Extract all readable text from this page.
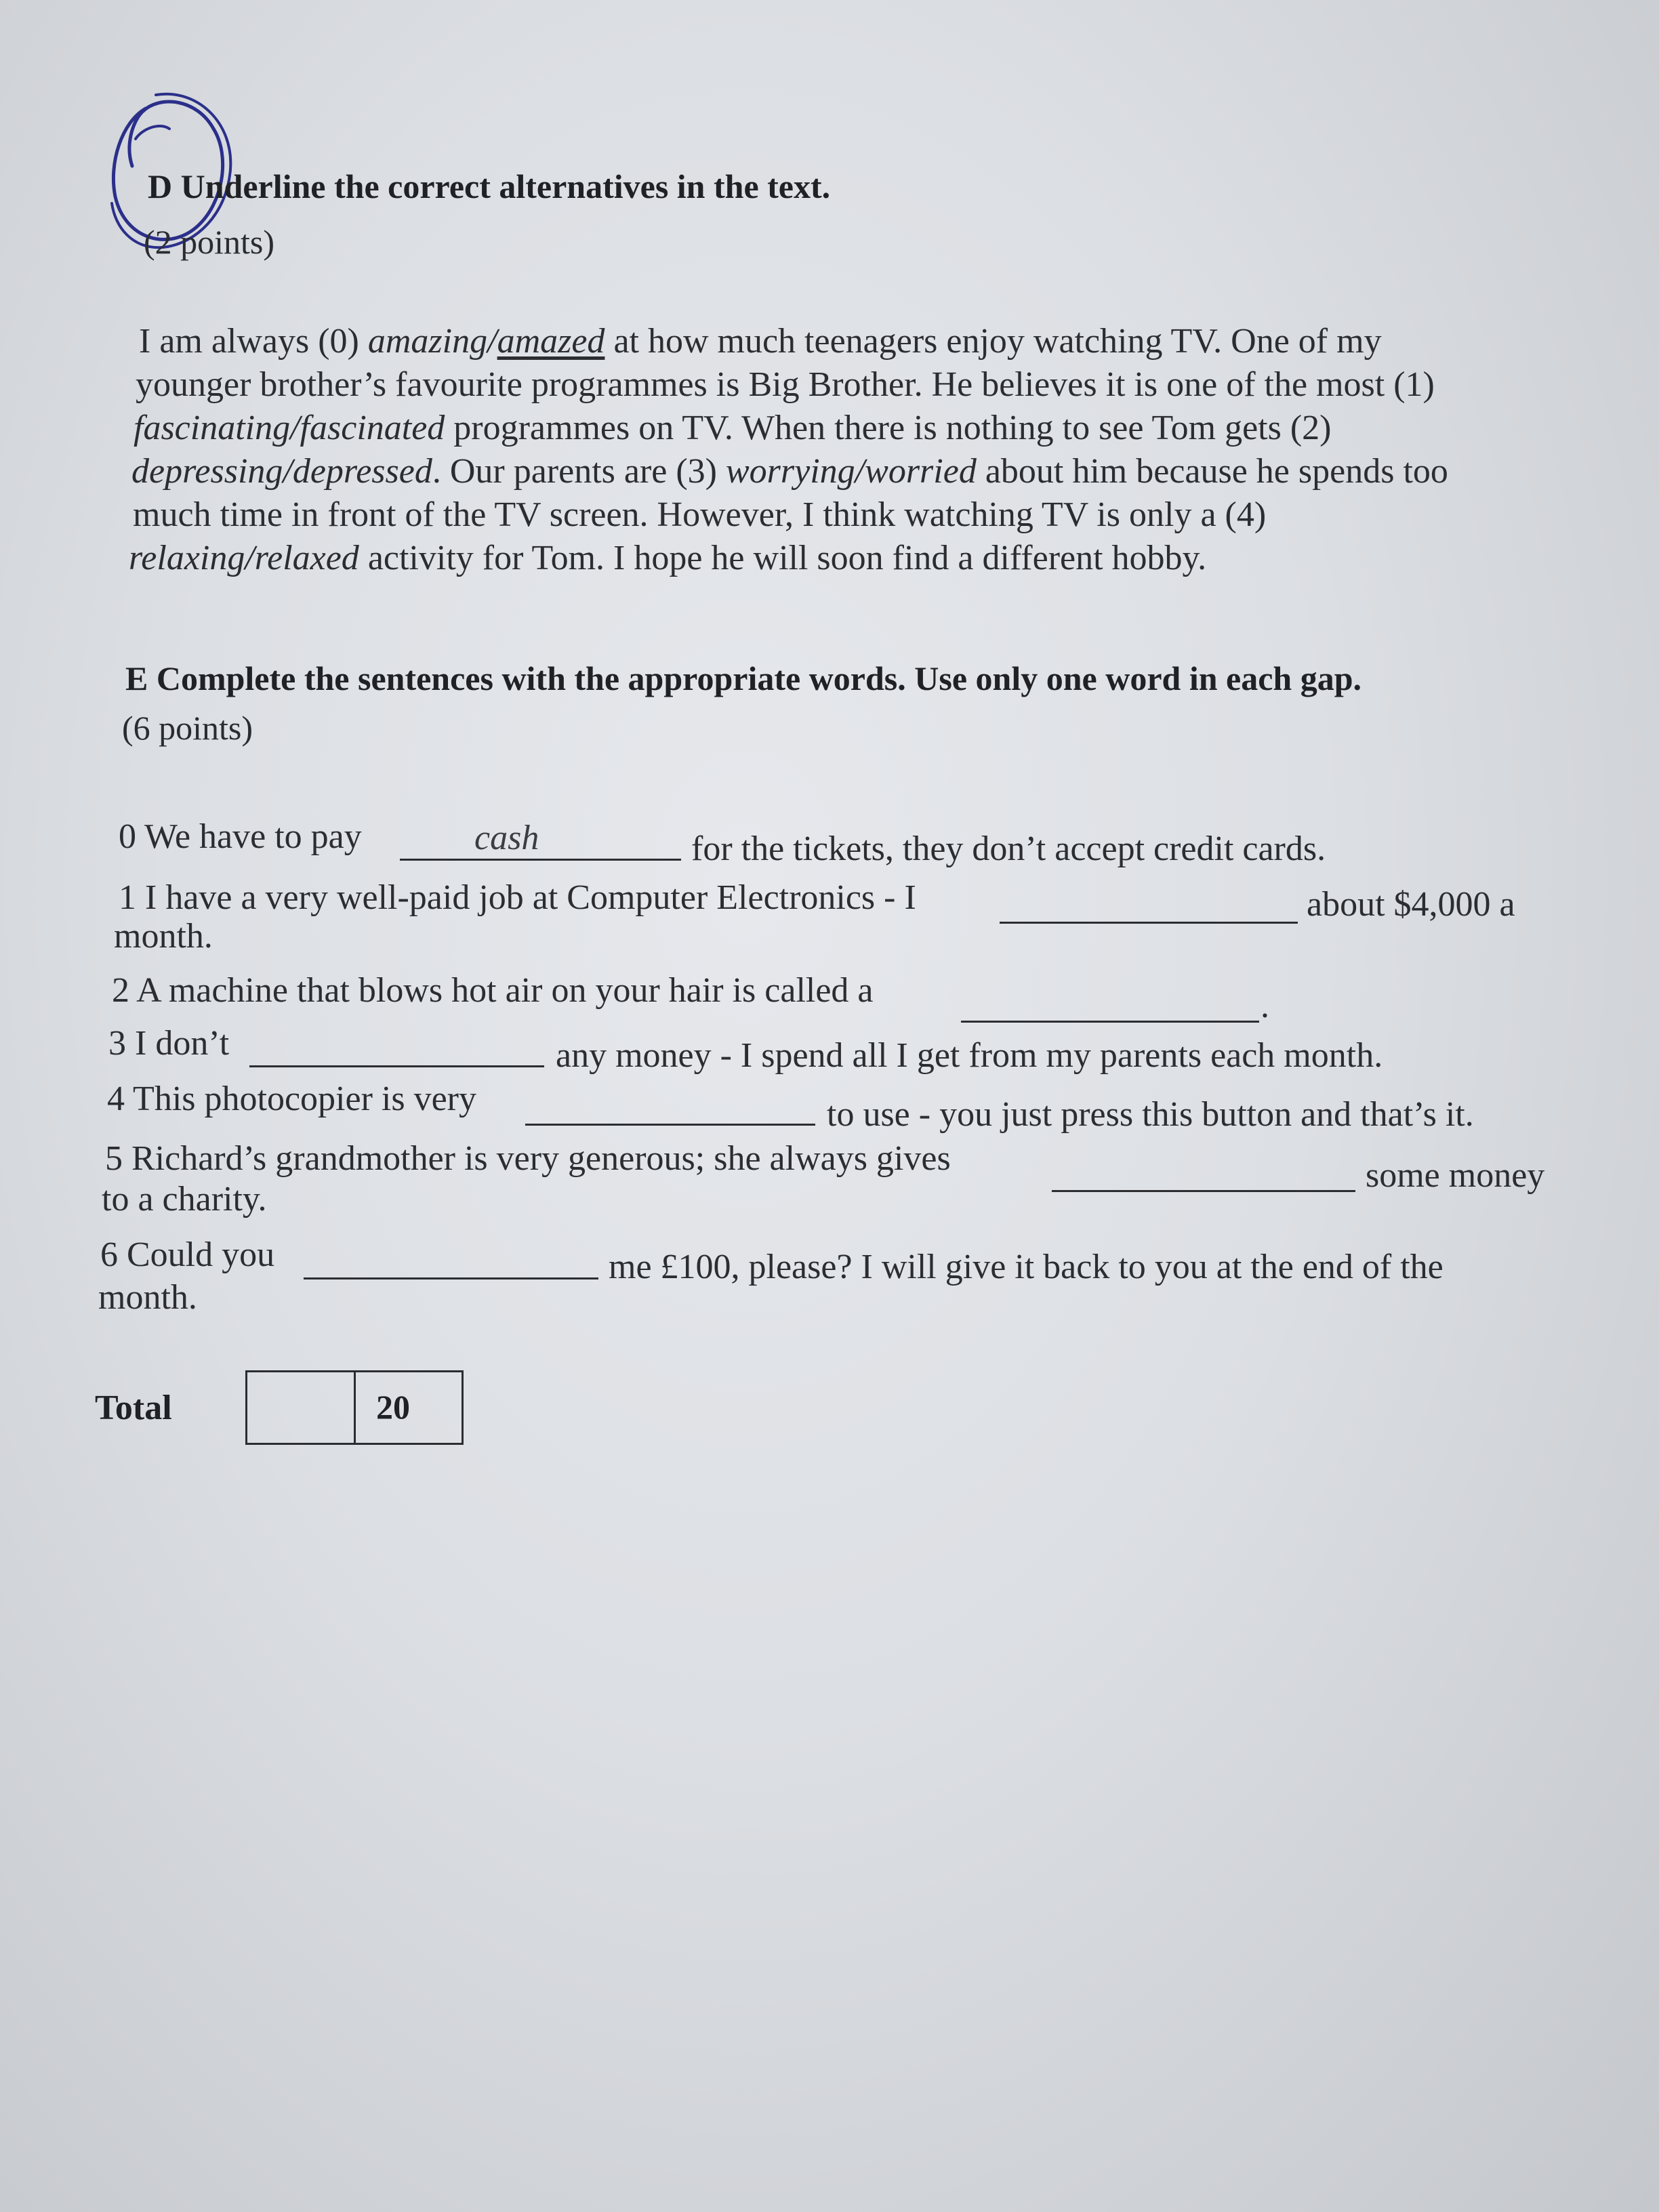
D Underline the correct alternatives in the text.
(2 points)
I am always (0) amazing/amazed at how much teenagers enjoy watching TV. One of my
younger brother’s favourite programmes is Big Brother. He believes it is one of the most (1)
fascinating/fascinated programmes on TV. When there is nothing to see Tom gets (2)
depressing/depressed. Our parents are (3) worrying/worried about him because he spends too
much time in front of the TV screen. However, I think watching TV is only a (4)
relaxing/relaxed activity for Tom. I hope he will soon find a different hobby.
E Complete the sentences with the appropriate words. Use only one word in each gap.
(6 points)
0 We have to pay	cash	for the tickets, they don’t accept credit cards.
1 I have a very well-paid job at Computer Electronics - I	about $4,000 a
month.
2 A machine that blows hot air on your hair is called a	.
3 I don’t	any money - I spend all I get from my parents each month.
4 This photocopier is very	to use - you just press this button and that’s it.
5 Richard’s grandmother is very generous; she always gives	some money
to a charity.
6 Could you	me £100, please? I will give it back to you at the end of the
month.
Total	20
